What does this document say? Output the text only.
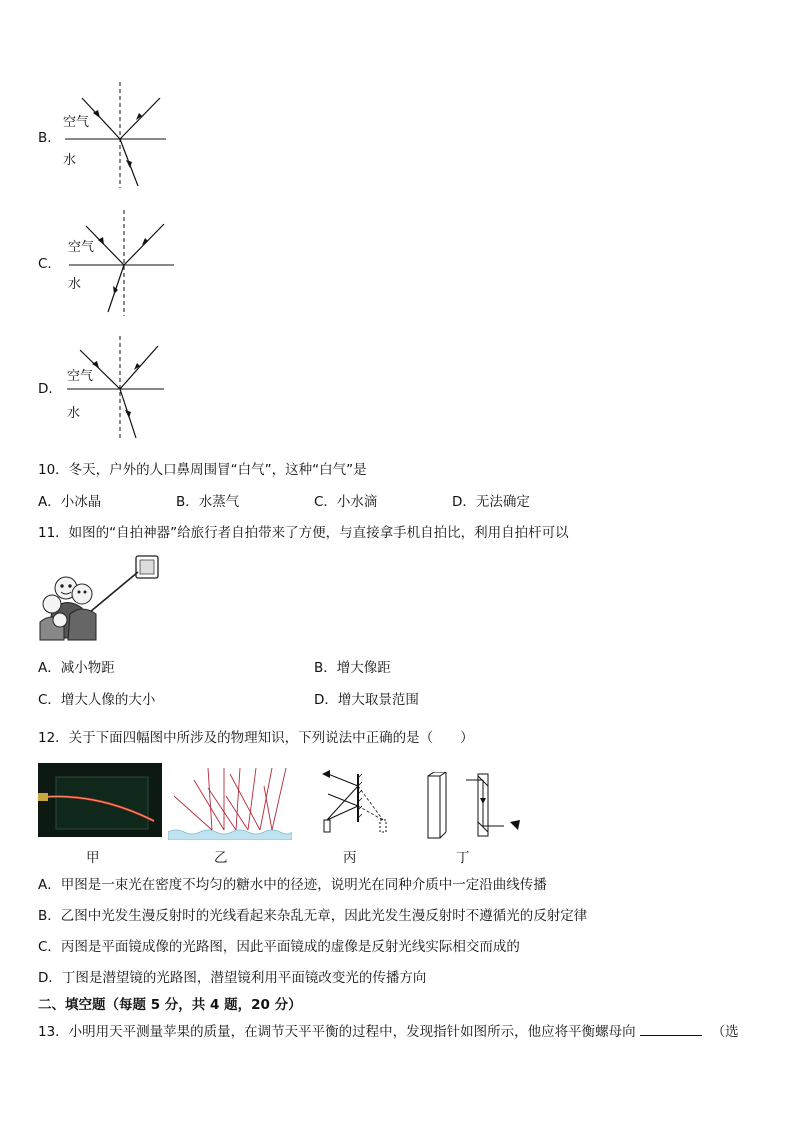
B.
空气
水
C.
空气
水
D.
空气
水
10．冬天，户外的人口鼻周围冒“白气”，这种“白气”是
A．小冰晶	B．水蒸气	C．小水滴	D．无法确定
11．如图的“自拍神器”给旅行者自拍带来了方便，与直接拿手机自拍比，利用自拍杆可以
A．减小物距	B．增大像距
C．增大人像的大小	D．增大取景范围
12．关于下面四幅图中所涉及的物理知识，下列说法中正确的是（　　）
甲	乙	丙	丁
A．甲图是一束光在密度不均匀的糖水中的径迹，说明光在同种介质中一定沿曲线传播
B．乙图中光发生漫反射时的光线看起来杂乱无章，因此光发生漫反射时不遵循光的反射定律
C．丙图是平面镜成像的光路图，因此平面镜成的虚像是反射光线实际相交而成的
D．丁图是潜望镜的光路图，潜望镜利用平面镜改变光的传播方向
二、填空题（每题 5 分，共 4 题，20 分）
13．小明用天平测量苹果的质量，在调节天平平衡的过程中，发现指针如图所示，他应将平衡螺母向	（选
